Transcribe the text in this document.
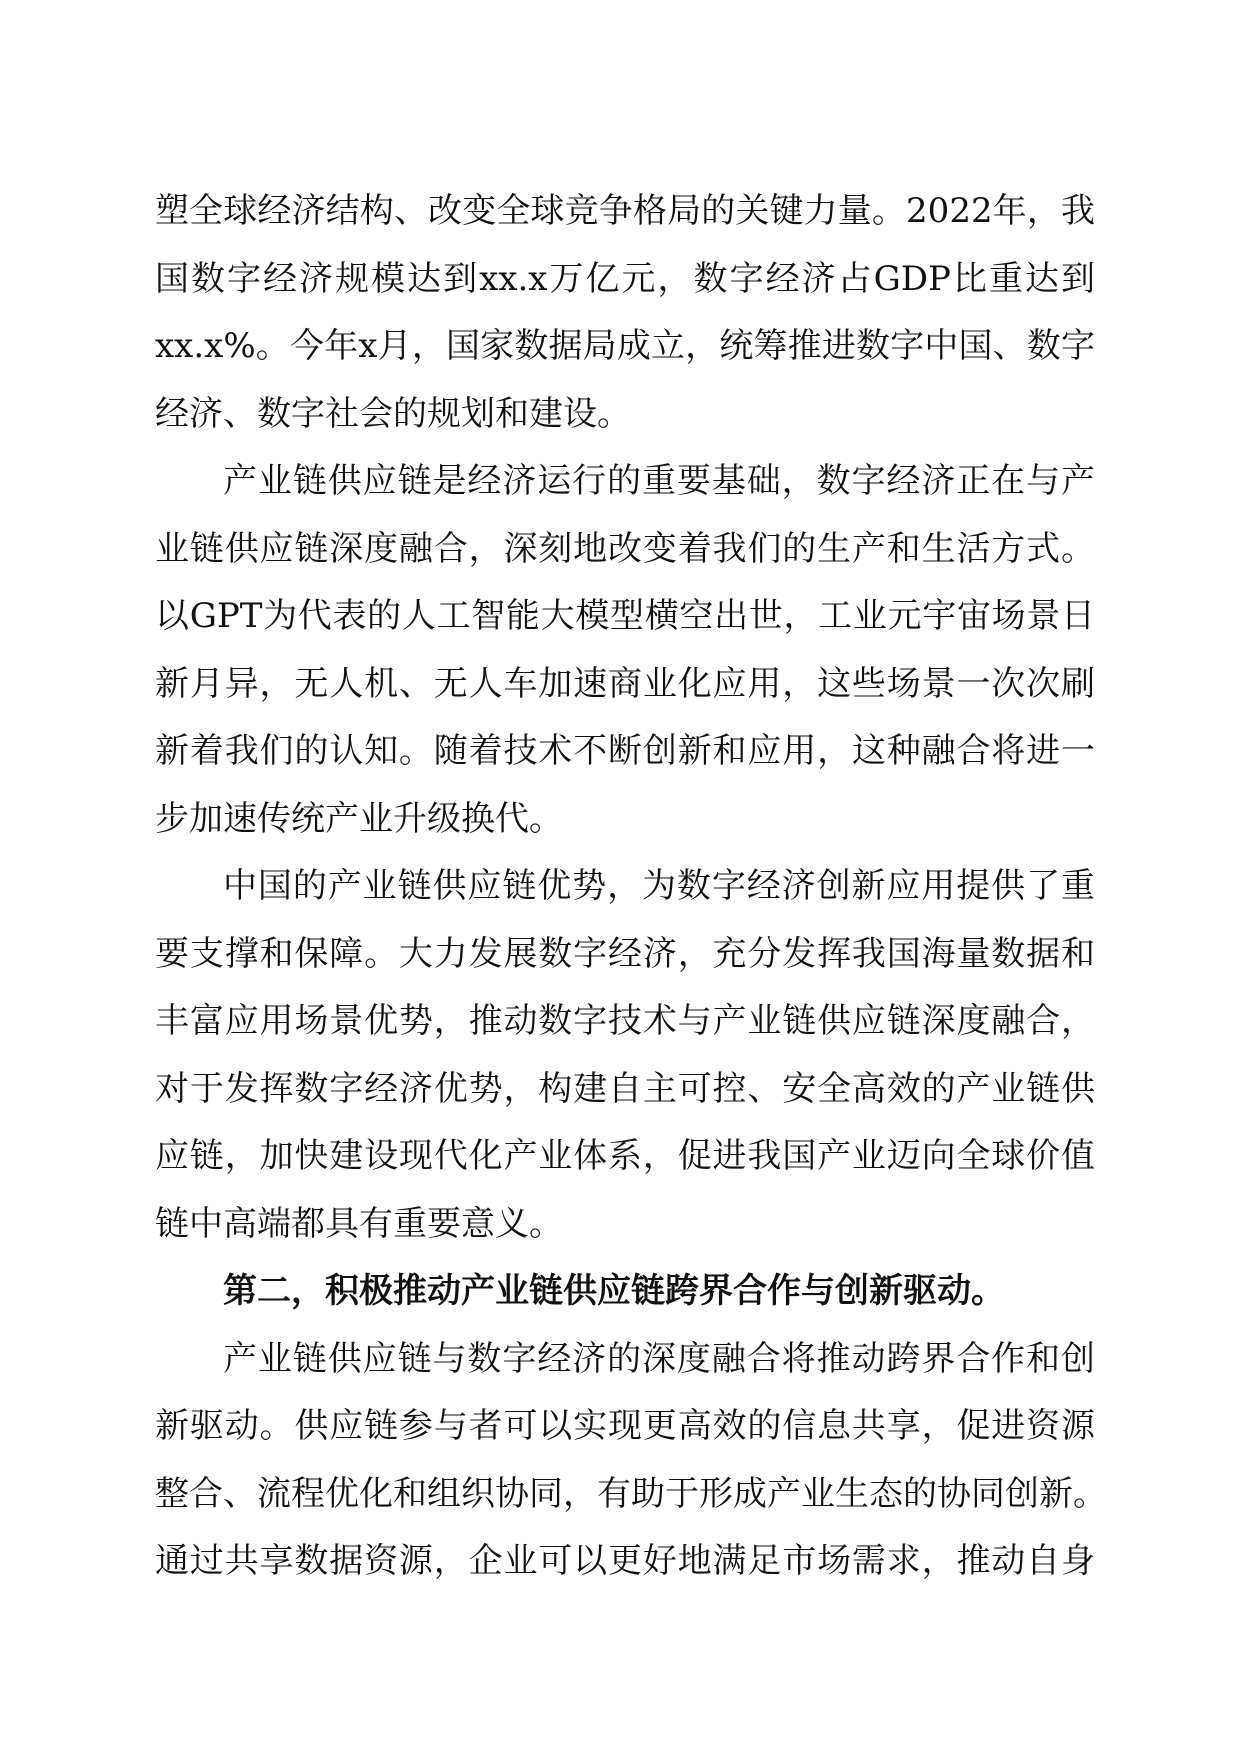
塑全球经济结构、改变全球竞争格局的关键力量。2022年，我
国数字经济规模达到xx.x万亿元，数字经济占GDP比重达到
xx.x%。今年x月，国家数据局成立，统筹推进数字中国、数字
经济、数字社会的规划和建设。
产业链供应链是经济运行的重要基础，数字经济正在与产
业链供应链深度融合，深刻地改变着我们的生产和生活方式。
以GPT为代表的人工智能大模型横空出世，工业元宇宙场景日
新月异，无人机、无人车加速商业化应用，这些场景一次次刷
新着我们的认知。随着技术不断创新和应用，这种融合将进一
步加速传统产业升级换代。
中国的产业链供应链优势，为数字经济创新应用提供了重
要支撑和保障。大力发展数字经济，充分发挥我国海量数据和
丰富应用场景优势，推动数字技术与产业链供应链深度融合，
对于发挥数字经济优势，构建自主可控、安全高效的产业链供
应链，加快建设现代化产业体系，促进我国产业迈向全球价值
链中高端都具有重要意义。
第二，积极推动产业链供应链跨界合作与创新驱动。
产业链供应链与数字经济的深度融合将推动跨界合作和创
新驱动。供应链参与者可以实现更高效的信息共享，促进资源
整合、流程优化和组织协同，有助于形成产业生态的协同创新。
通过共享数据资源，企业可以更好地满足市场需求，推动自身
